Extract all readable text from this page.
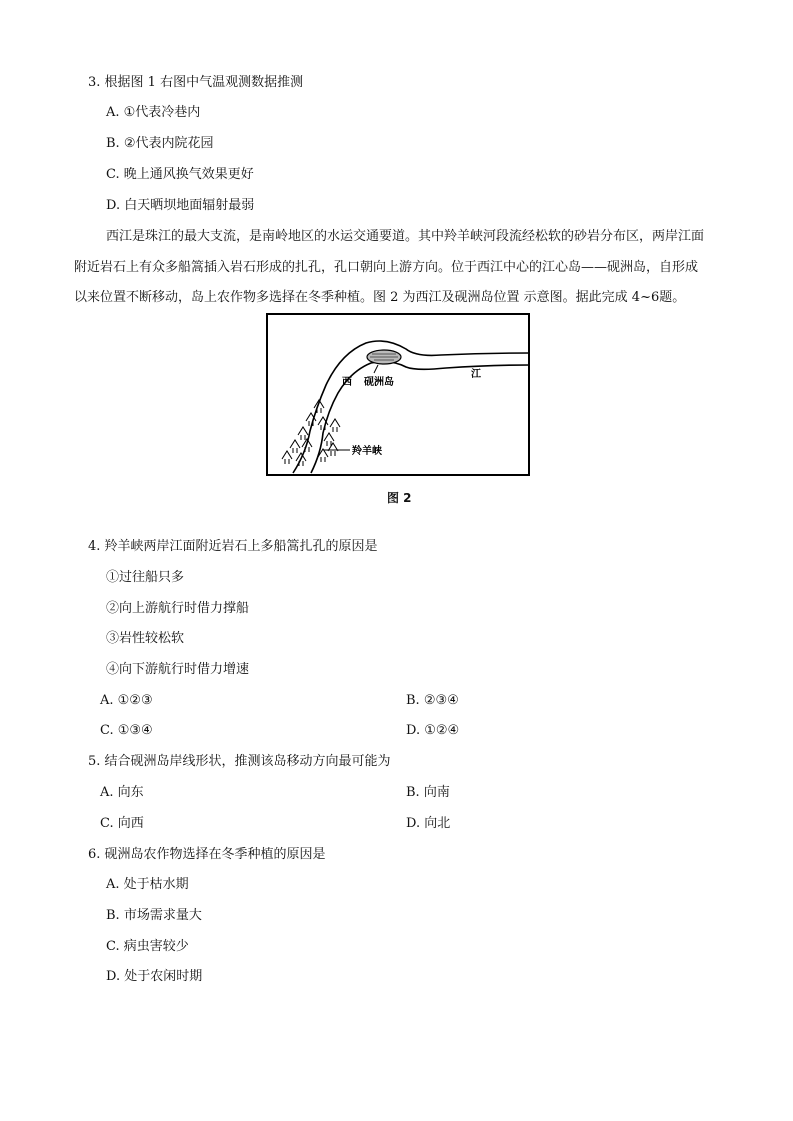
3. 根据图 1 右图中气温观测数据推测
A. ①代表冷巷内
B. ②代表内院花园
C. 晚上通风换气效果更好
D. 白天晒坝地面辐射最弱
西江是珠江的最大支流，是南岭地区的水运交通要道。其中羚羊峡河段流经松软的砂岩分布区，两岸江面
附近岩石上有众多船篙插入岩石形成的扎孔，孔口朝向上游方向。位于西江中心的江心岛——砚洲岛，自形成
以来位置不断移动，岛上农作物多选择在冬季种植。图 2 为西江及砚洲岛位置 示意图。据此完成 4~6题。
西
江
砚洲岛
羚羊峡
图 2
4. 羚羊峡两岸江面附近岩石上多船篙扎孔的原因是
①过往船只多
②向上游航行时借力撑船
③岩性较松软
④向下游航行时借力增速
A. ①②③	B. ②③④
C. ①③④	D. ①②④
5. 结合砚洲岛岸线形状，推测该岛移动方向最可能为
A. 向东	B. 向南
C. 向西	D. 向北
6. 砚洲岛农作物选择在冬季种植的原因是
A. 处于枯水期
B. 市场需求量大
C. 病虫害较少
D. 处于农闲时期
